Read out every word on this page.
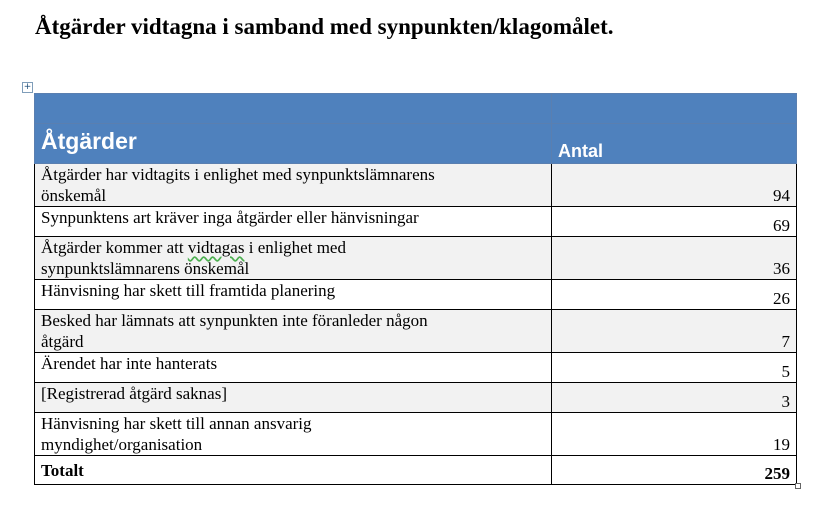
Åtgärder vidtagna i samband med synpunkten/klagomålet.
+

Åtgärder	Antal
Åtgärder har vidtagits i enlighet med synpunktslämnarens
önskemål	94
Synpunktens art kräver inga åtgärder eller hänvisningar	69
Åtgärder kommer att vidtagas i enlighet med
synpunktslämnarens önskemål	36
Hänvisning har skett till framtida planering	26
Besked har lämnats att synpunkten inte föranleder någon
åtgärd	7
Ärendet har inte hanterats	5
[Registrerad åtgärd saknas]	3
Hänvisning har skett till annan ansvarig
myndighet/organisation	19
Totalt	259
